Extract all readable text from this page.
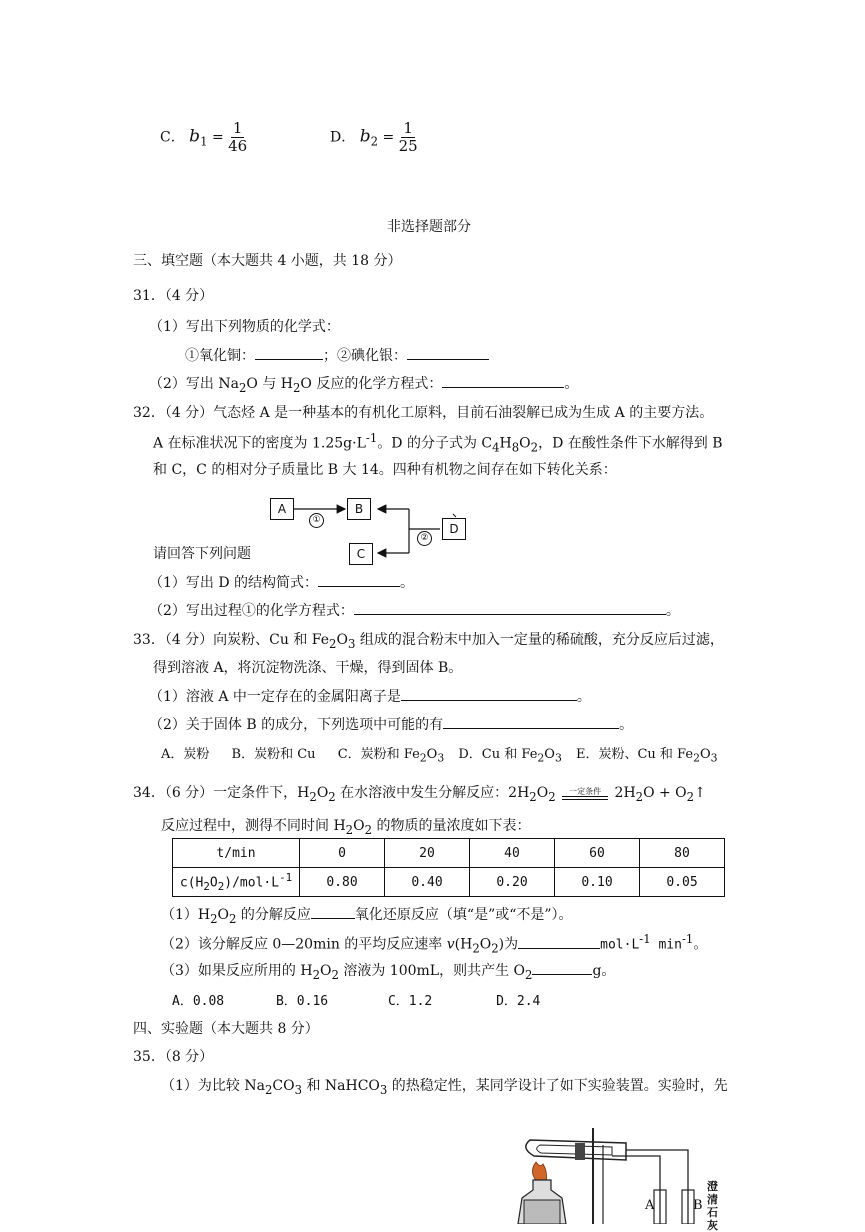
C． $b_1 = \frac{1}{46}$	D． $b_2 = \frac{1}{25}$
非选择题部分
三、填空题（本大题共 4 小题，共 18 分）
31．（4 分）
（1）写出下列物质的化学式：
①氧化铜：	；②碘化银：
（2）写出 $Na_2O$ 与 $H_2O$ 反应的化学方程式：	。
32．（4 分）气态烃 A 是一种基本的有机化工原料，目前石油裂解已成为生成 A 的主要方法。
A 在标准状况下的密度为 $1.25g\cdot L^{-1}$。D 的分子式为 $C_4H_8O_2$，D 在酸性条件下水解得到 B
和 C，C 的相对分子质量比 B 大 14。四种有机物之间存在如下转化关系：
A	B
C
D
①
②
请回答下列问题
（1）写出 D 的结构简式：	。
（2）写出过程①的化学方程式：	。
33．（4 分）向炭粉、Cu 和 $Fe_2O_3$ 组成的混合粉末中加入一定量的稀硫酸，充分反应后过滤，
得到溶液 A，将沉淀物洗涤、干燥，得到固体 B。
（1）溶液 A 中一定存在的金属阳离子是	。
（2）关于固体 B 的成分，下列选项中可能的有	。
A．炭粉 B．炭粉和 Cu C．炭粉和 $Fe_2O_3$ D．Cu 和 $Fe_2O_3$ E．炭粉、Cu 和 $Fe_2O_3$
34．（6 分）一定条件下，$H_2O_2$ 在水溶液中发生分解反应：$2H_2O_2$	一定条件 $2H_2O$ + $O_2↑$
反应过程中，测得不同时间 $H_2O_2$ 的物质的量浓度如下表：
t/min	0	20	40	60	80
$c(H_2O_2)/mol\cdot L^{-1}$	0.80	0.40	0.20	0.10	0.05
$(1)H_2O_2$ 的分解反应	氧化还原反应（填“是”或“不是”）。
（2）该分解反应 0—20min 的平均反应速率 $v(H_2O_2)$为	$mol\cdot L^{-1}$ $\min^{-1}$。
（3）如果反应所用的 $H_2O_2$ 溶液为 100mL，则共产生 $O_2$	g。
A．0.08	B．0.16	C．1.2	D．2.4
四、实验题（本大题共 8 分）
35．（8 分）
（1）为比较 $Na_2CO_3$ 和 NaHCO$_3$ 的热稳定性，某同学设计了如下实验装置。实验时，先
A	B
澄清石灰
